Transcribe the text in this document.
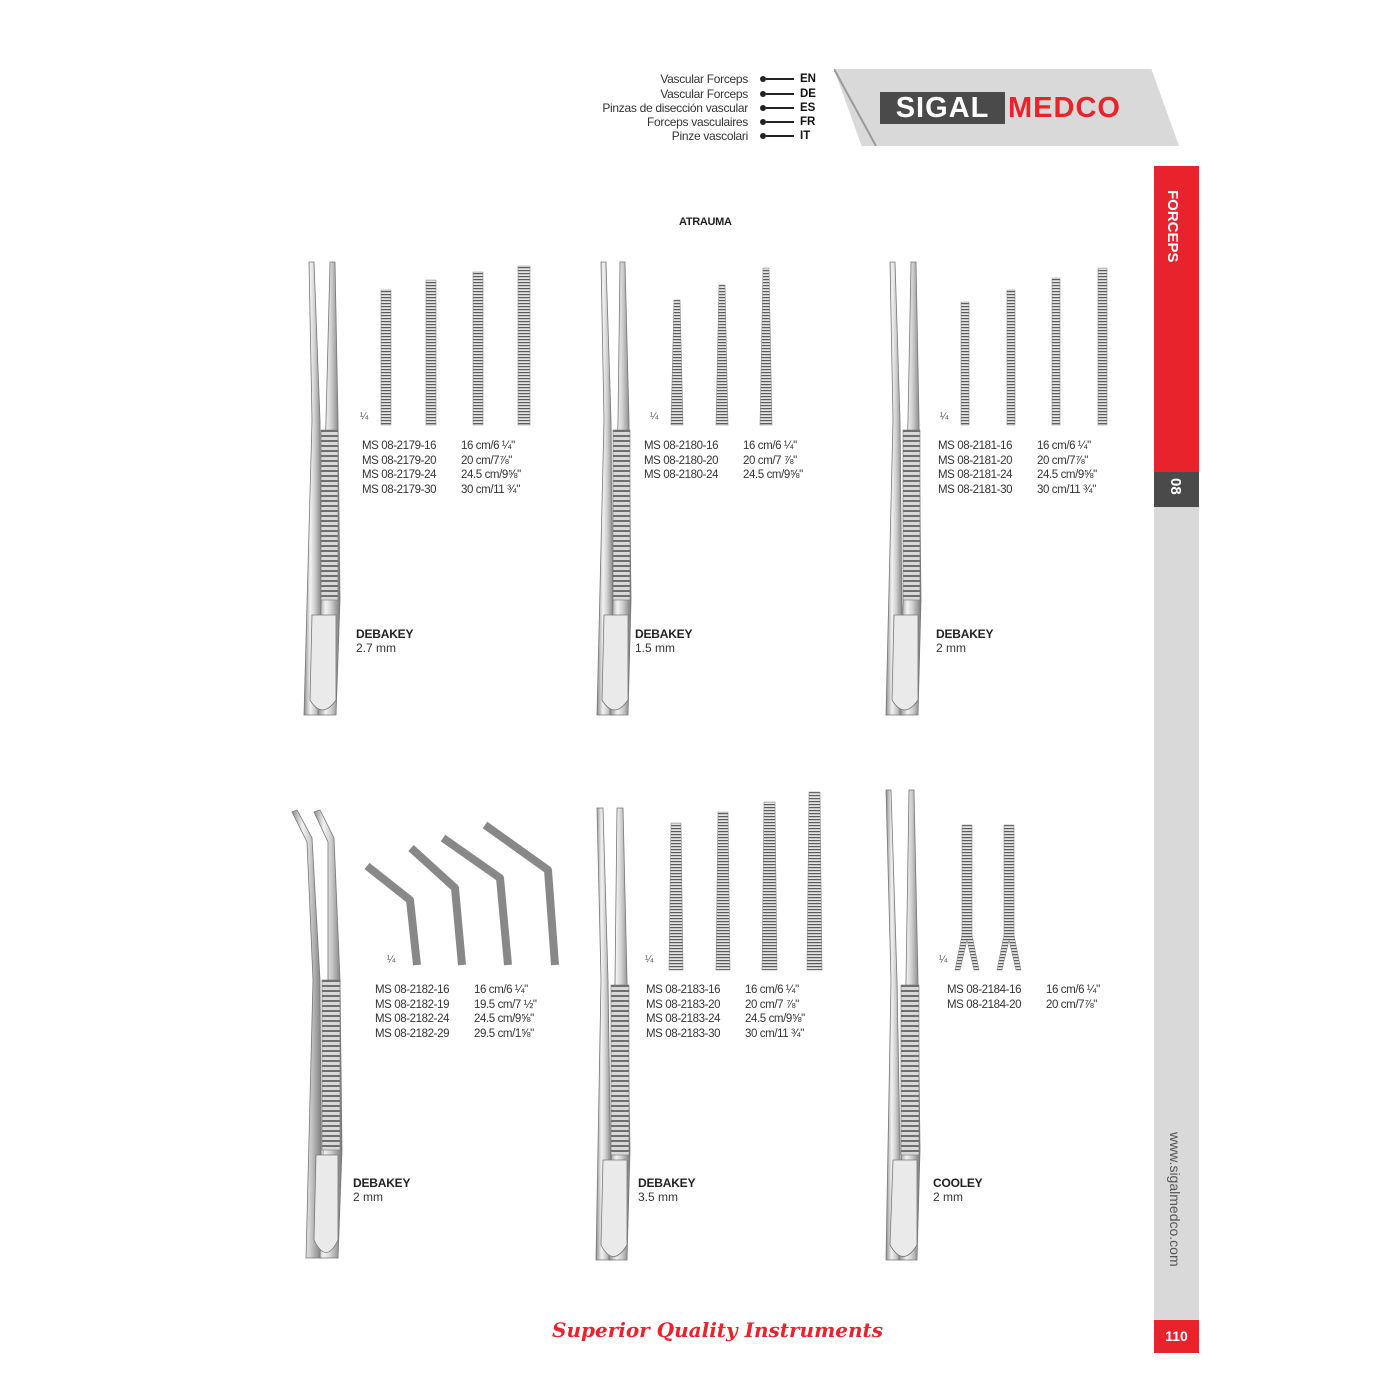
Vascular Forceps	EN
Vascular Forceps	DE
Pinzas de disección vascular	ES
Forceps vasculaires	FR
Pinze vascolari	IT
SIGAL MEDCO
FORCEPS
08
www.sigalmedco.com
110
ATRAUMA
¼
MS 08-2179-16	16 cm/6 ¼"
MS 08-2179-20	20 cm/7⅞"
MS 08-2179-24	24.5 cm/9⅝"
MS 08-2179-30	30 cm/11 ¾"
DEBAKEY
2.7 mm
¼
MS 08-2180-16	16 cm/6 ¼"
MS 08-2180-20	20 cm/7 ⅞"
MS 08-2180-24	24.5 cm/9⅝"
DEBAKEY
1.5 mm
¼
MS 08-2181-16	16 cm/6 ¼"
MS 08-2181-20	20 cm/7⅞"
MS 08-2181-24	24.5 cm/9⅝"
MS 08-2181-30	30 cm/11 ¾"
DEBAKEY
2 mm
¼
MS 08-2182-16	16 cm/6 ¼"
MS 08-2182-19	19.5 cm/7 ½"
MS 08-2182-24	24.5 cm/9⅝"
MS 08-2182-29	29.5 cm/1⅝"
DEBAKEY
2 mm
¼
MS 08-2183-16	16 cm/6 ¼"
MS 08-2183-20	20 cm/7 ⅞"
MS 08-2183-24	24.5 cm/9⅝"
MS 08-2183-30	30 cm/11 ¾"
DEBAKEY
3.5 mm
¼
MS 08-2184-16	16 cm/6 ¼"
MS 08-2184-20	20 cm/7⅞"
COOLEY
2 mm
Superior Quality Instruments
